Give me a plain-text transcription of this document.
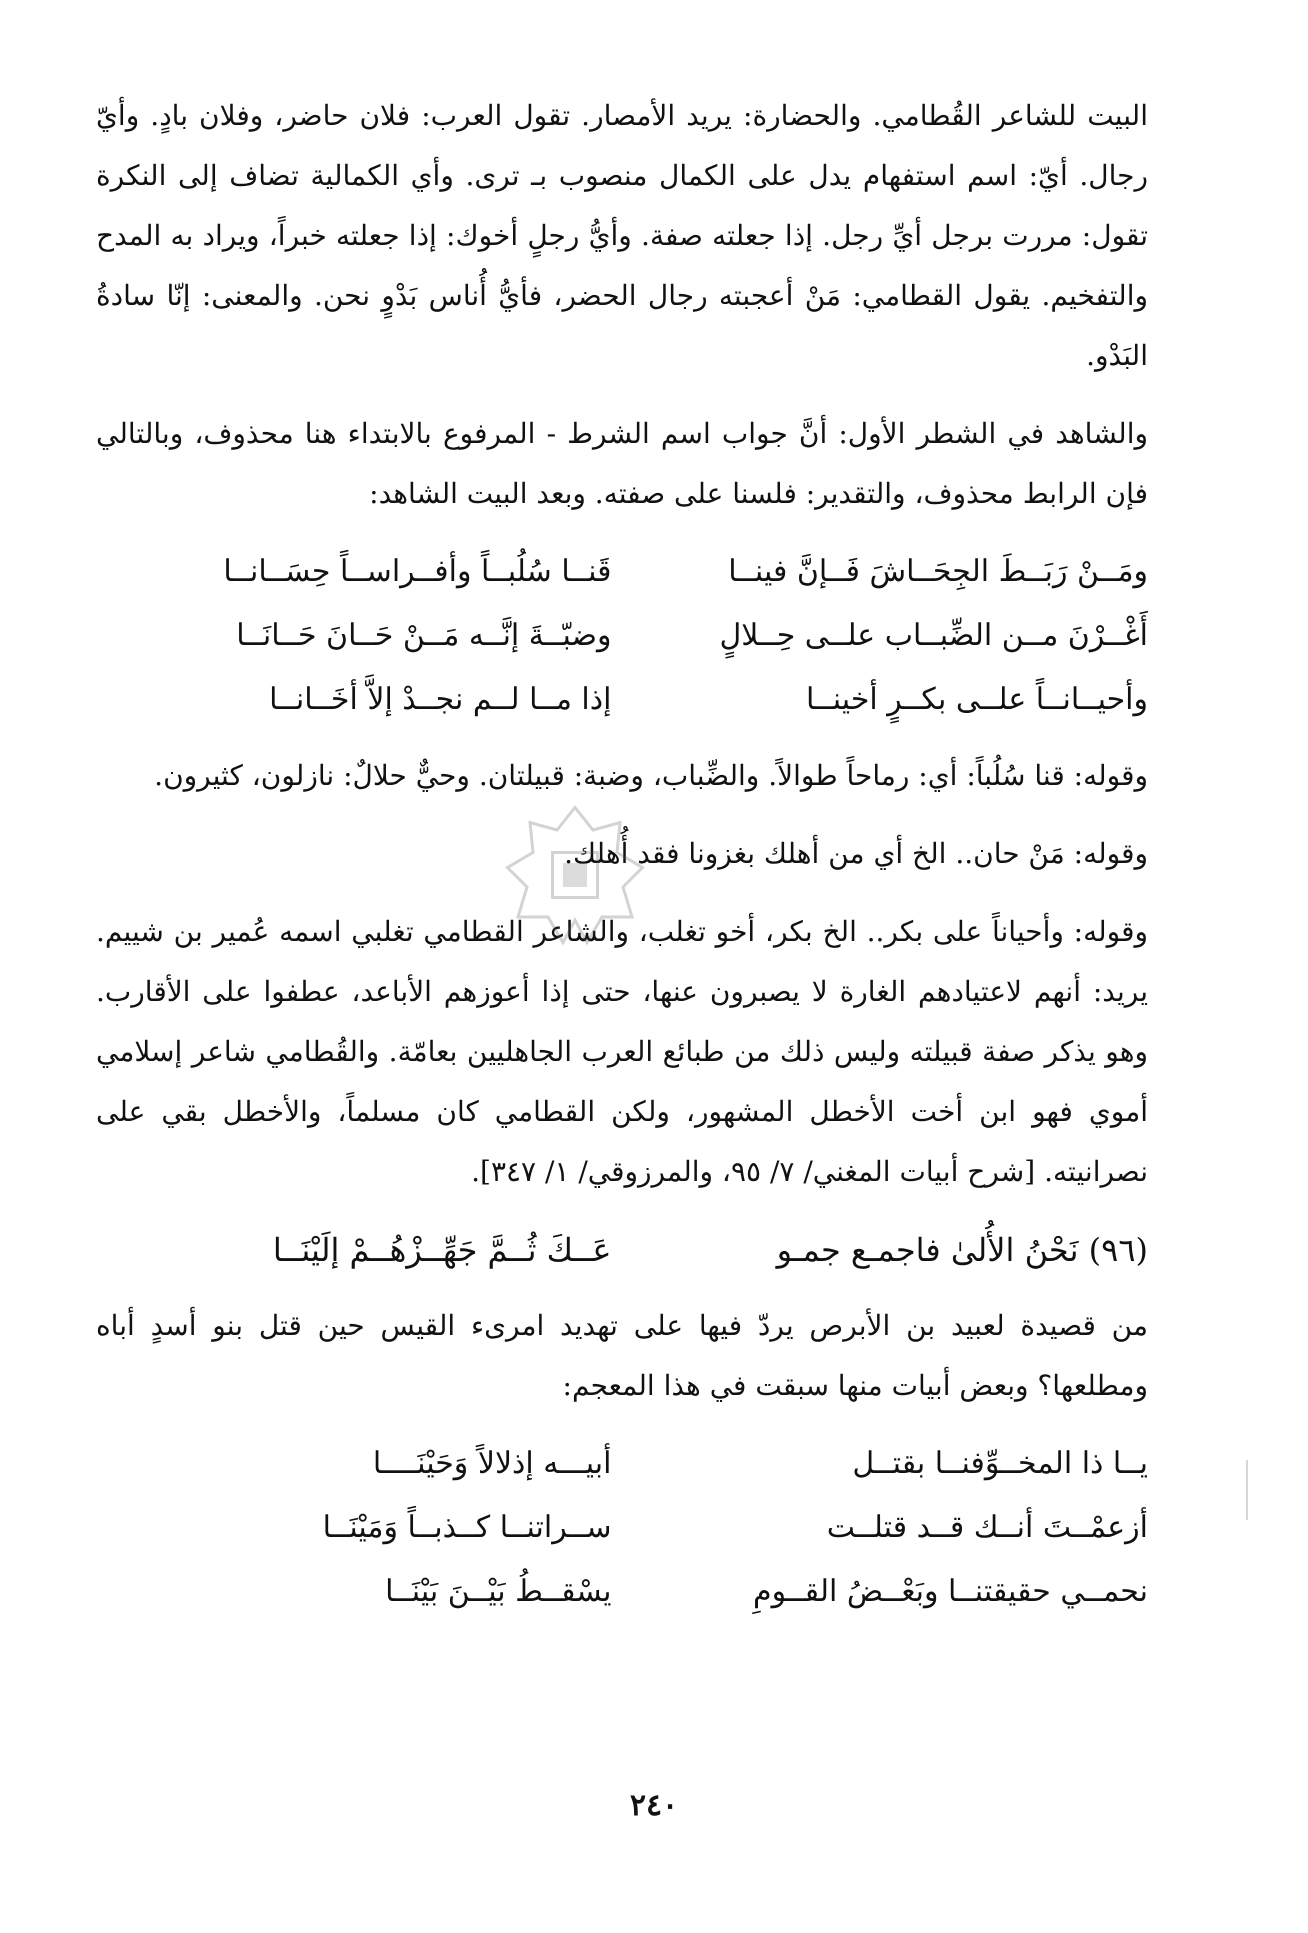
البيت للشاعر القُطامي. والحضارة: يريد الأمصار. تقول العرب: فلان حاضر، وفلان بادٍ. وأيّ رجال. أيّ: اسم استفهام يدل على الكمال منصوب بـ ترى. وأي الكمالية تضاف إلى النكرة تقول: مررت برجل أيِّ رجل. إذا جعلته صفة. وأيُّ رجلٍ أخوك: إذا جعلته خبراً، ويراد به المدح والتفخيم. يقول القطامي: مَنْ أعجبته رجال الحضر، فأيُّ أُناس بَدْوٍ نحن. والمعنى: إنّا سادةُ البَدْو.

والشاهد في الشطر الأول: أنَّ جواب اسم الشرط - المرفوع بالابتداء هنا محذوف، وبالتالي فإن الرابط محذوف، والتقدير: فلسنا على صفته. وبعد البيت الشاهد:

ومَــنْ رَبَــطَ الجِحَــاشَ فَــإنَّ فينــا
قَنــا سُلُبــاً وأفــراســاً حِسَــانــا
أَغْــرْنَ مــن الضِّبــاب علــى حِــلالٍ
وضبّــةَ إنَّــه مَــنْ حَــانَ حَــانَــا
وأحيــانــاً علــى بكــرٍ أخينــا
إذا مــا لــم نجــدْ إلاَّ أخَــانــا

وقوله: قنا سُلُباً: أي: رماحاً طوالاً. والضِّباب، وضبة: قبيلتان. وحيٌّ حلالٌ: نازلون، كثيرون.

وقوله: مَنْ حان.. الخ أي من أهلك بغزونا فقد أُهلك.

وقوله: وأحياناً على بكر.. الخ بكر، أخو تغلب، والشاعر القطامي تغلبي اسمه عُمير بن شييم. يريد: أنهم لاعتيادهم الغارة لا يصبرون عنها، حتى إذا أعوزهم الأباعد، عطفوا على الأقارب. وهو يذكر صفة قبيلته وليس ذلك من طبائع العرب الجاهليين بعامّة. والقُطامي شاعر إسلامي أموي فهو ابن أخت الأخطل المشهور، ولكن القطامي كان مسلماً، والأخطل بقي على نصرانيته. [شرح أبيات المغني/ ٧/ ٩٥، والمرزوقي/ ١/ ٣٤٧].

(٩٦) نَحْنُ الأُلىٰ فاجمـع جمـو
عَــكَ ثُــمَّ جَهِّــزْهُــمْ إلَيْنَــا

من قصيدة لعبيد بن الأبرص يردّ فيها على تهديد امرىء القيس حين قتل بنو أسدٍ أباه ومطلعها؟ وبعض أبيات منها سبقت في هذا المعجم:

يــا ذا المخــوِّفنــا بقتــل
أبيـــه إذلالاً وَحَيْنَــــا
أزعمْــتَ أنــك قــد قتلــت
ســراتنــا كــذبــاً وَمَيْنَــا
نحمــي حقيقتنــا وبَعْــضُ القــومِ
يسْقــطُ بَيْــنَ بَيْنَــا
٢٤٠
